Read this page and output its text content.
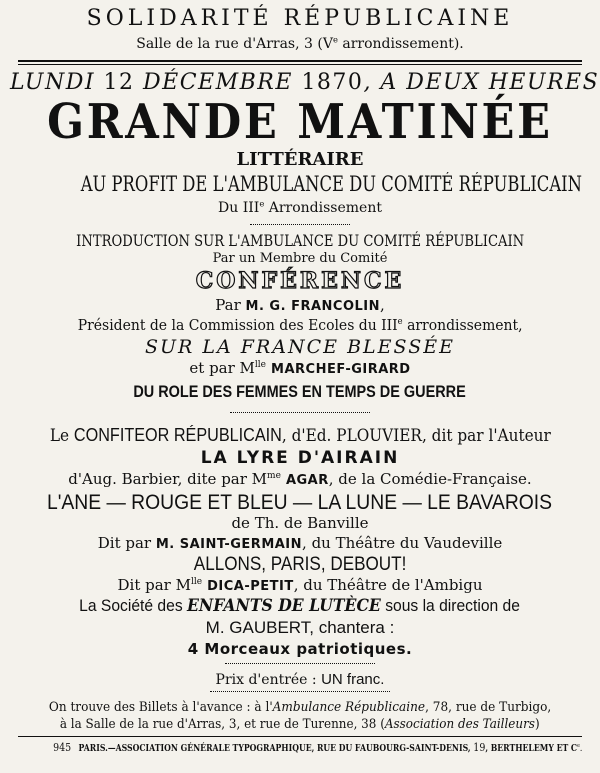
SOLIDARITÉ RÉPUBLICAINE
Salle de la rue d'Arras, 3 (Ve arrondissement).
LUNDI 12 DÉCEMBRE 1870, A DEUX HEURES
GRANDE MATINÉE
LITTÉRAIRE
AU PROFIT DE L'AMBULANCE DU COMITÉ RÉPUBLICAIN
Du IIIe Arrondissement
INTRODUCTION SUR L'AMBULANCE DU COMITÉ RÉPUBLICAIN
Par un Membre du Comité
CONFÉRENCE
Par M. G. FRANCOLIN,
Président de la Commission des Ecoles du IIIe arrondissement,
SUR LA FRANCE BLESSÉE
et par $M^{lle}$ MARCHEF-GIRARD
DU ROLE DES FEMMES EN TEMPS DE GUERRE
Le CONFITEOR RÉPUBLICAIN, d'Ed. PLOUVIER, dit par l'Auteur
LA LYRE D'AIRAIN
d'Aug. Barbier, dite par $M^{me}$ AGAR, de la Comédie-Française.
L'ANE — ROUGE ET BLEU — LA LUNE — LE BAVAROIS
de Th. de Banville
Dit par M. SAINT-GERMAIN, du Théâtre du Vaudeville
ALLONS, PARIS, DEBOUT!
Dit par $M^{lle}$ DICA-PETIT, du Théâtre de l'Ambigu
La Société des ENFANTS DE LUTÈCE sous la direction de
M. GAUBERT, chantera :
4 Morceaux patriotiques.
Prix d'entrée : UN franc.
On trouve des Billets à l'avance : à l'Ambulance Républicaine, 78, rue de Turbigo,
à la Salle de la rue d'Arras, 3, et rue de Turenne, 38 (Association des Tailleurs)
945 PARIS.—ASSOCIATION GÉNÉRALE TYPOGRAPHIQUE, RUE DU FAUBOURG-SAINT-DENIS, 19, BERTHELEMY ET Ce.
